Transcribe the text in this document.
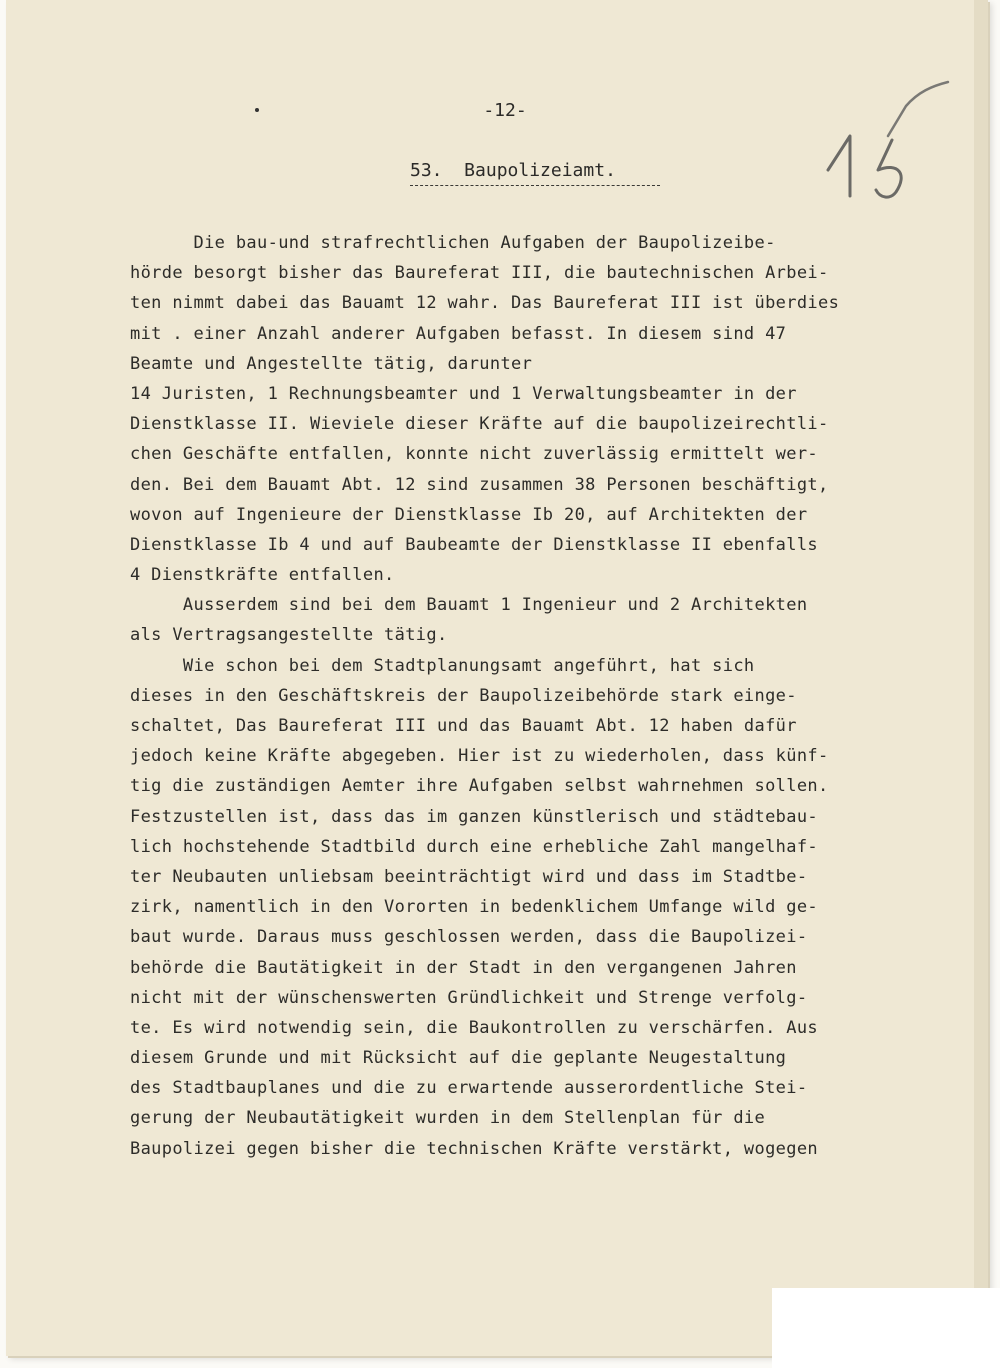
-12-
53.  Baupolizeiamt.
Die bau-und strafrechtlichen Aufgaben der Baupolizeibe-
hörde besorgt bisher das Baureferat III, die bautechnischen Arbei-
ten nimmt dabei das Bauamt 12 wahr. Das Baureferat III ist überdies
mit . einer Anzahl anderer Aufgaben befasst. In diesem sind 47
Beamte und Angestellte tätig, darunter
14 Juristen, 1 Rechnungsbeamter und 1 Verwaltungsbeamter in der
Dienstklasse II. Wieviele dieser Kräfte auf die baupolizeirechtli-
chen Geschäfte entfallen, konnte nicht zuverlässig ermittelt wer-
den. Bei dem Bauamt Abt. 12 sind zusammen 38 Personen beschäftigt,
wovon auf Ingenieure der Dienstklasse Ib 20, auf Architekten der
Dienstklasse Ib 4 und auf Baubeamte der Dienstklasse II ebenfalls
4 Dienstkräfte entfallen.
Ausserdem sind bei dem Bauamt 1 Ingenieur und 2 Architekten
als Vertragsangestellte tätig.
Wie schon bei dem Stadtplanungsamt angeführt, hat sich
dieses in den Geschäftskreis der Baupolizeibehörde stark einge-
schaltet, Das Baureferat III und das Bauamt Abt. 12 haben dafür
jedoch keine Kräfte abgegeben. Hier ist zu wiederholen, dass künf-
tig die zuständigen Aemter ihre Aufgaben selbst wahrnehmen sollen.
Festzustellen ist, dass das im ganzen künstlerisch und städtebau-
lich hochstehende Stadtbild durch eine erhebliche Zahl mangelhaf-
ter Neubauten unliebsam beeinträchtigt wird und dass im Stadtbe-
zirk, namentlich in den Vororten in bedenklichem Umfange wild ge-
baut wurde. Daraus muss geschlossen werden, dass die Baupolizei-
behörde die Bautätigkeit in der Stadt in den vergangenen Jahren
nicht mit der wünschenswerten Gründlichkeit und Strenge verfolg-
te. Es wird notwendig sein, die Baukontrollen zu verschärfen. Aus
diesem Grunde und mit Rücksicht auf die geplante Neugestaltung
des Stadtbauplanes und die zu erwartende ausserordentliche Stei-
gerung der Neubautätigkeit wurden in dem Stellenplan für die
Baupolizei gegen bisher die technischen Kräfte verstärkt, wogegen
